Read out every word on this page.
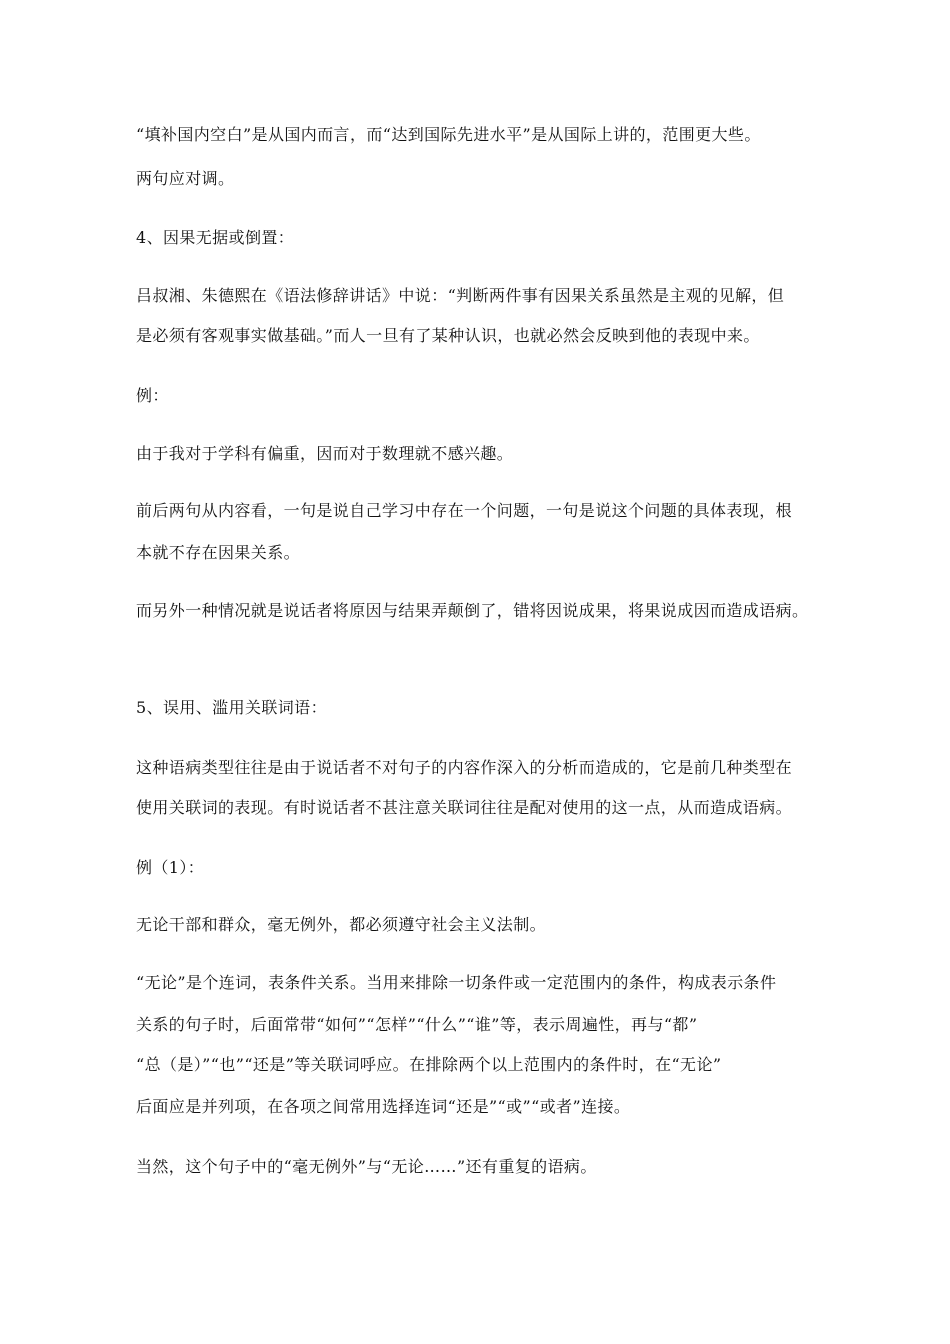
“填补国内空白”是从国内而言，而“达到国际先进水平”是从国际上讲的，范围更大些。
两句应对调。
4、因果无据或倒置：
吕叔湘、朱德熙在《语法修辞讲话》中说：“判断两件事有因果关系虽然是主观的见解，但
是必须有客观事实做基础。”而人一旦有了某种认识，也就必然会反映到他的表现中来。
例：
由于我对于学科有偏重，因而对于数理就不感兴趣。
前后两句从内容看，一句是说自己学习中存在一个问题，一句是说这个问题的具体表现，根
本就不存在因果关系。
而另外一种情况就是说话者将原因与结果弄颠倒了，错将因说成果，将果说成因而造成语病。
5、误用、滥用关联词语：
这种语病类型往往是由于说话者不对句子的内容作深入的分析而造成的，它是前几种类型在
使用关联词的表现。有时说话者不甚注意关联词往往是配对使用的这一点，从而造成语病。
例（1）：
无论干部和群众，毫无例外，都必须遵守社会主义法制。
“无论”是个连词，表条件关系。当用来排除一切条件或一定范围内的条件，构成表示条件
关系的句子时，后面常带“如何”“怎样”“什么”“谁”等，表示周遍性，再与“都”
“总（是）”“也”“还是”等关联词呼应。在排除两个以上范围内的条件时，在“无论”
后面应是并列项，在各项之间常用选择连词“还是”“或”“或者”连接。
当然，这个句子中的“毫无例外”与“无论……”还有重复的语病。
